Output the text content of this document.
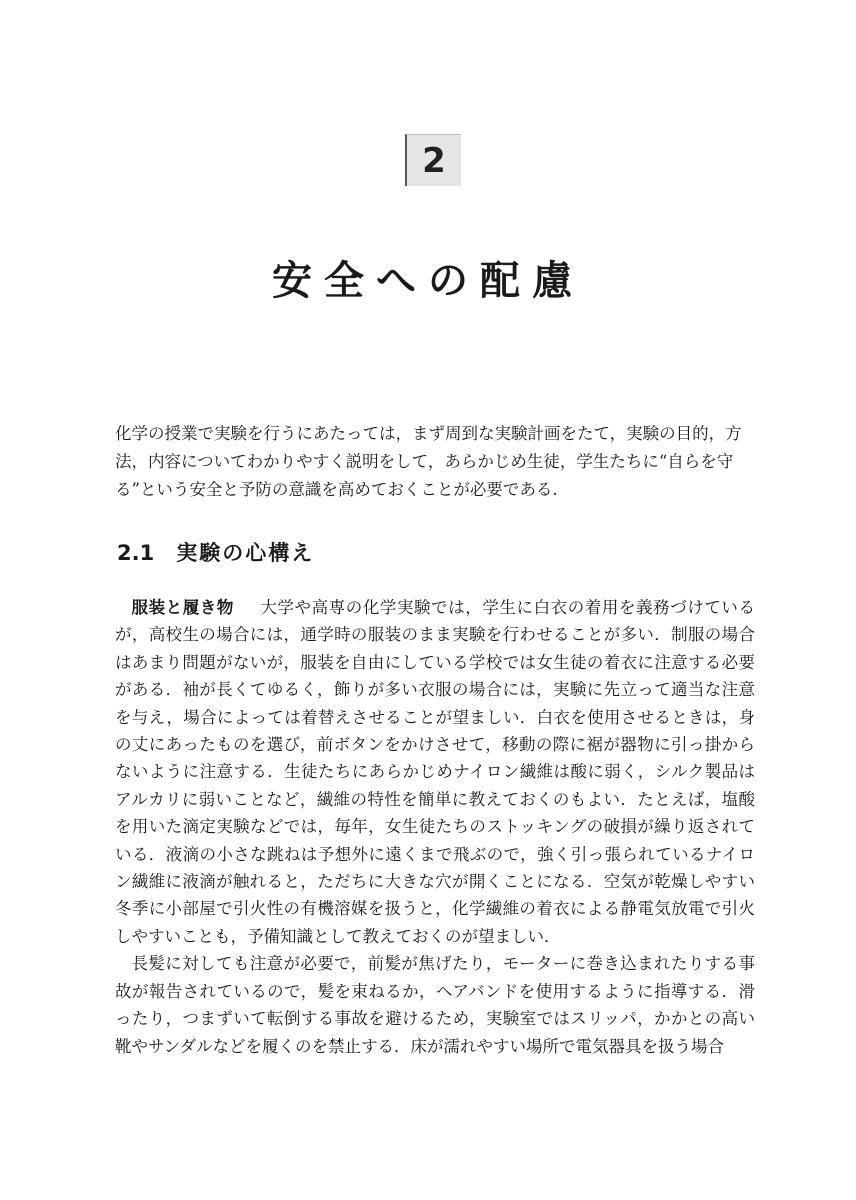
2
安全への配慮

化学の授業で実験を行うにあたっては，まず周到な実験計画をたて，実験の目的，方法，内容についてわかりやすく説明をして，あらかじめ生徒，学生たちに“自らを守る”という安全と予防の意識を高めておくことが必要である.

2.1 実験の心構え

服装と履き物 大学や高専の化学実験では，学生に白衣の着用を義務づけているが，高校生の場合には，通学時の服装のまま実験を行わせることが多い．制服の場合はあまり問題がないが，服装を自由にしている学校では女生徒の着衣に注意する必要がある．袖が長くてゆるく，飾りが多い衣服の場合には，実験に先立って適当な注意を与え，場合によっては着替えさせることが望ましい．白衣を使用させるときは，身の丈にあったものを選び，前ボタンをかけさせて，移動の際に裾が器物に引っ掛からないように注意する．生徒たちにあらかじめナイロン繊維は酸に弱く，シルク製品はアルカリに弱いことなど，繊維の特性を簡単に教えておくのもよい．たとえば，塩酸を用いた滴定実験などでは，毎年，女生徒たちのストッキングの破損が繰り返されている．液滴の小さな跳ねは予想外に遠くまで飛ぶので，強く引っ張られているナイロン繊維に液滴が触れると，ただちに大きな穴が開くことになる．空気が乾燥しやすい冬季に小部屋で引火性の有機溶媒を扱うと，化学繊維の着衣による静電気放電で引火しやすいことも，予備知識として教えておくのが望ましい．

長髪に対しても注意が必要で，前髪が焦げたり，モーターに巻き込まれたりする事故が報告されているので，髪を束ねるか，ヘアバンドを使用するように指導する．滑ったり，つまずいて転倒する事故を避けるため，実験室ではスリッパ，かかとの高い靴やサンダルなどを履くのを禁止する．床が濡れやすい場所で電気器具を扱う場合
